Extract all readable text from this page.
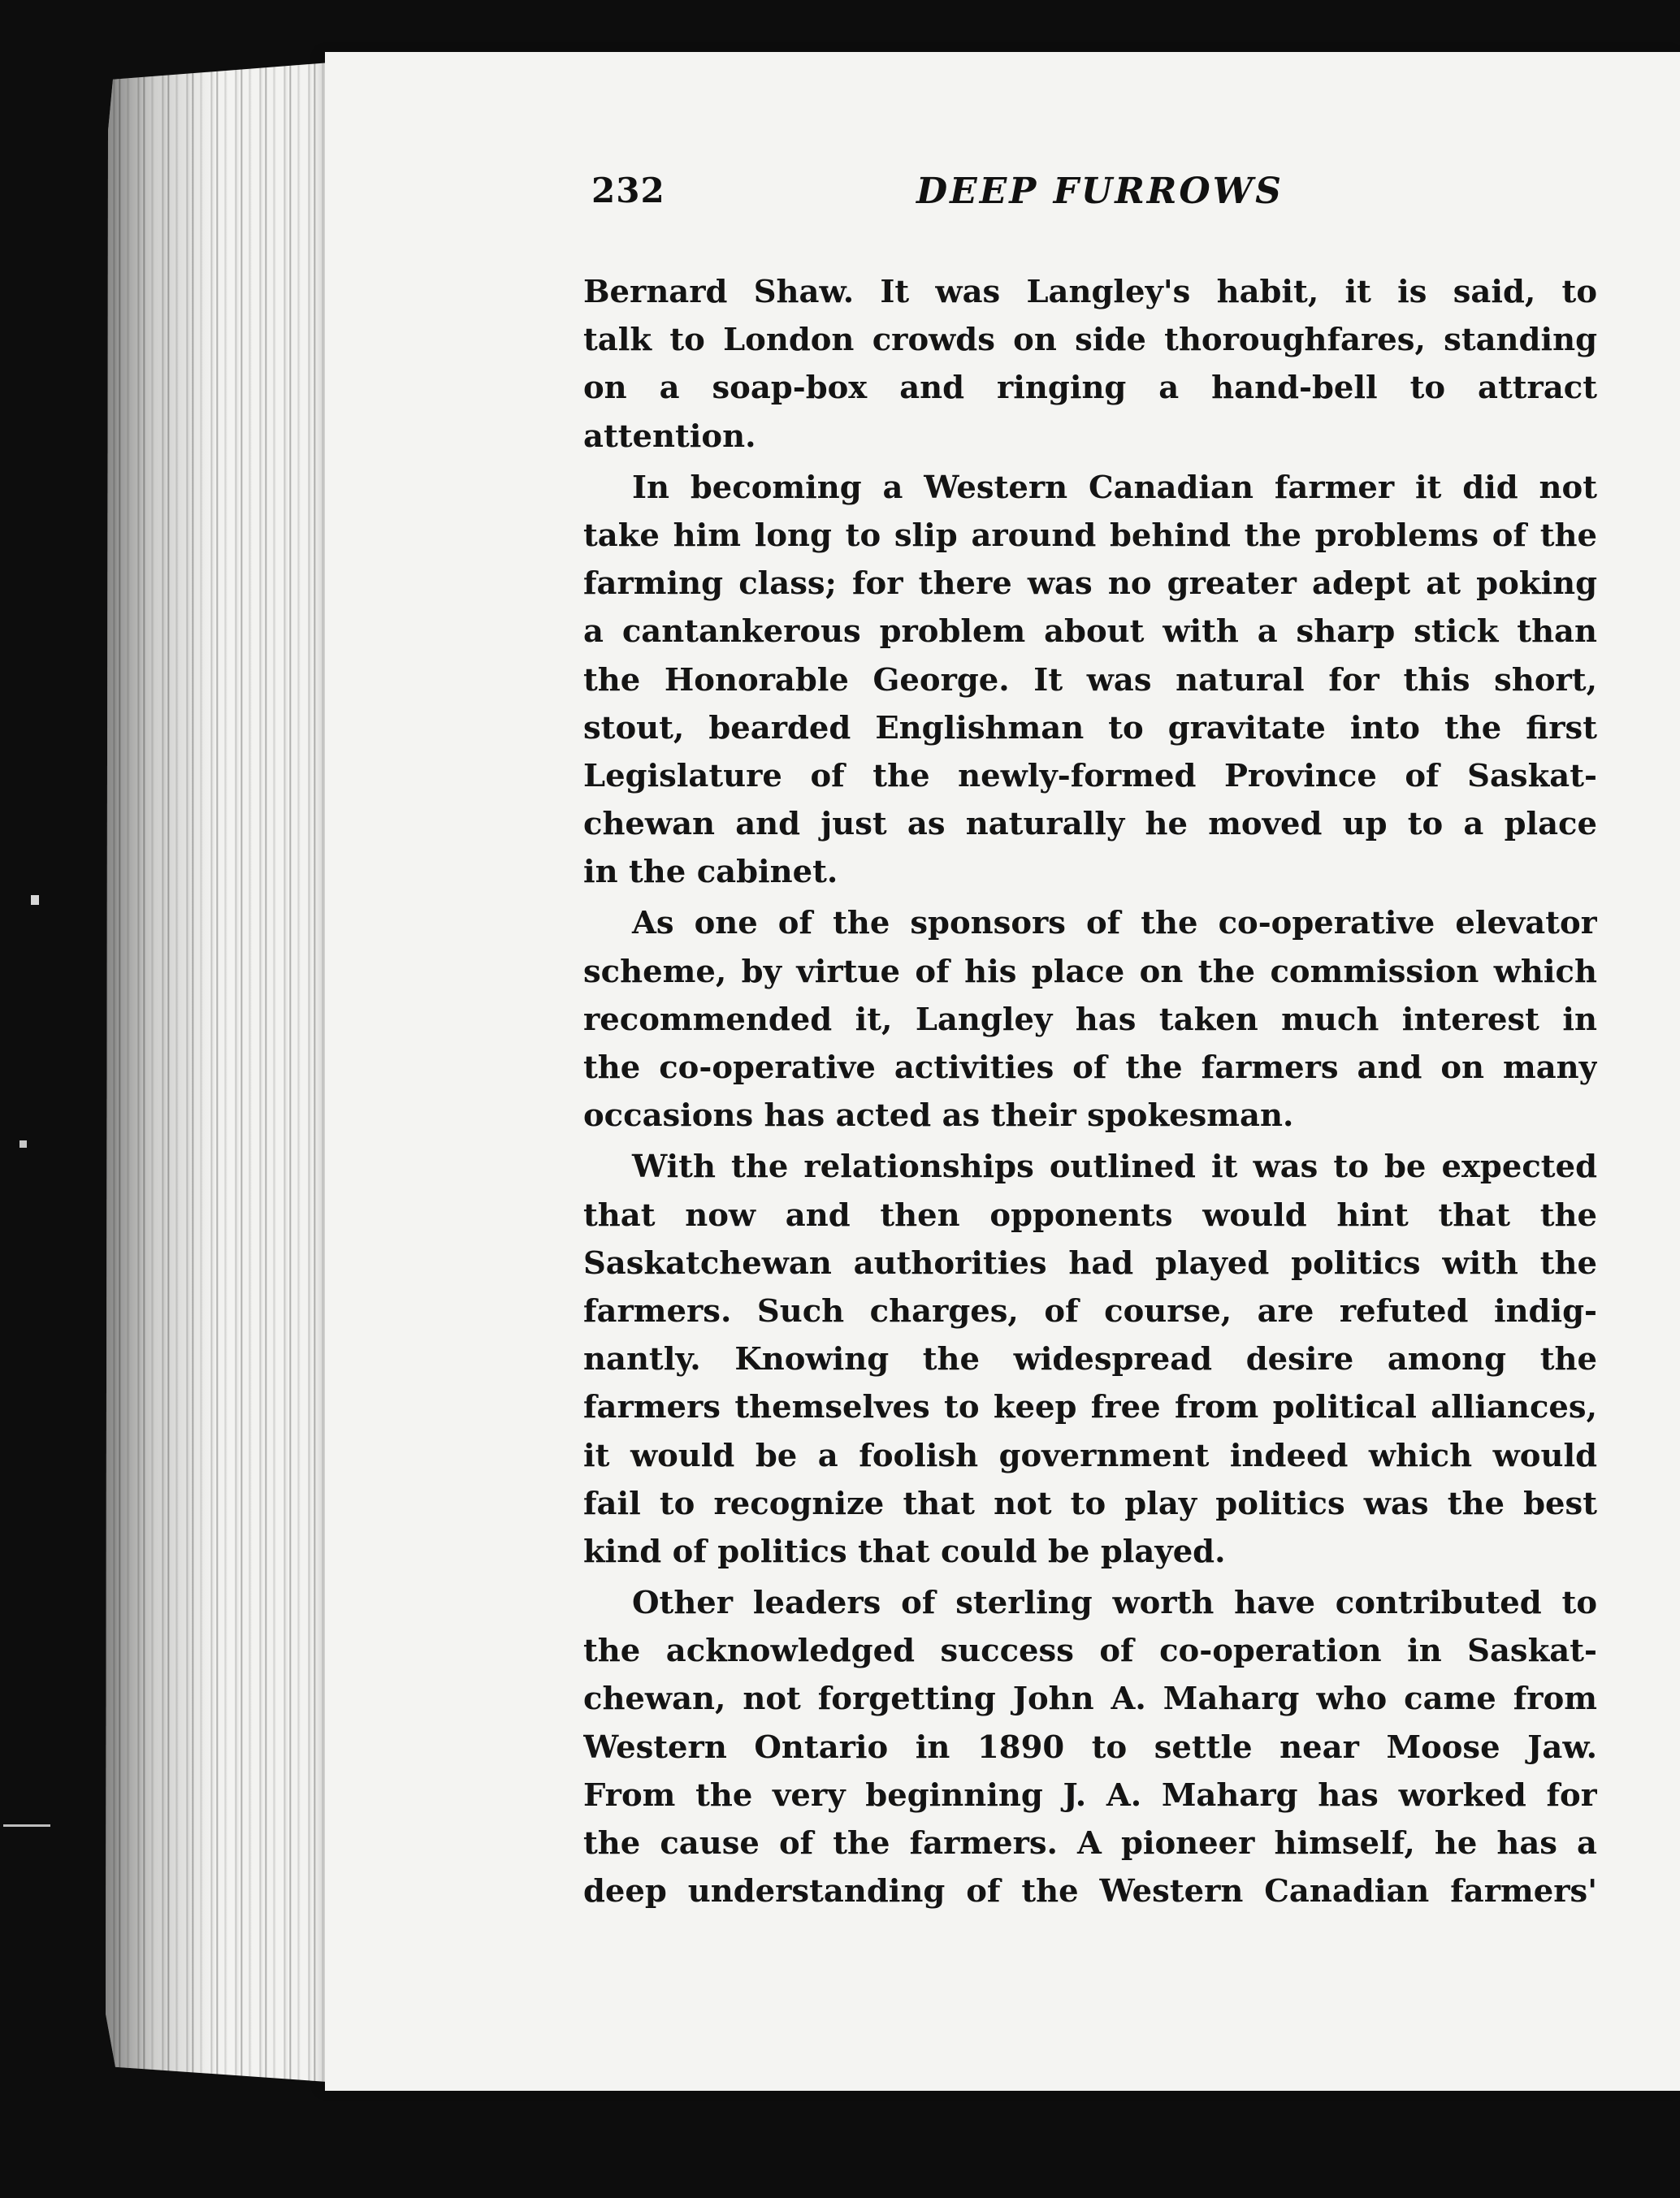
232	DEEP FURROWS
Bernard Shaw. It was Langley's habit, it is said, to
talk to London crowds on side thoroughfares, standing
on a soap-box and ringing a hand-bell to attract
attention.
In becoming a Western Canadian farmer it did not
take him long to slip around behind the problems of the
farming class; for there was no greater adept at poking
a cantankerous problem about with a sharp stick than
the Honorable George. It was natural for this short,
stout, bearded Englishman to gravitate into the first
Legislature of the newly-formed Province of Saskat-
chewan and just as naturally he moved up to a place
in the cabinet.
As one of the sponsors of the co-operative elevator
scheme, by virtue of his place on the commission which
recommended it, Langley has taken much interest in
the co-operative activities of the farmers and on many
occasions has acted as their spokesman.
With the relationships outlined it was to be expected
that now and then opponents would hint that the
Saskatchewan authorities had played politics with the
farmers. Such charges, of course, are refuted indig-
nantly. Knowing the widespread desire among the
farmers themselves to keep free from political alliances,
it would be a foolish government indeed which would
fail to recognize that not to play politics was the best
kind of politics that could be played.
Other leaders of sterling worth have contributed to
the acknowledged success of co-operation in Saskat-
chewan, not forgetting John A. Maharg who came from
Western Ontario in 1890 to settle near Moose Jaw.
From the very beginning J. A. Maharg has worked for
the cause of the farmers. A pioneer himself, he has a
deep understanding of the Western Canadian farmers'
